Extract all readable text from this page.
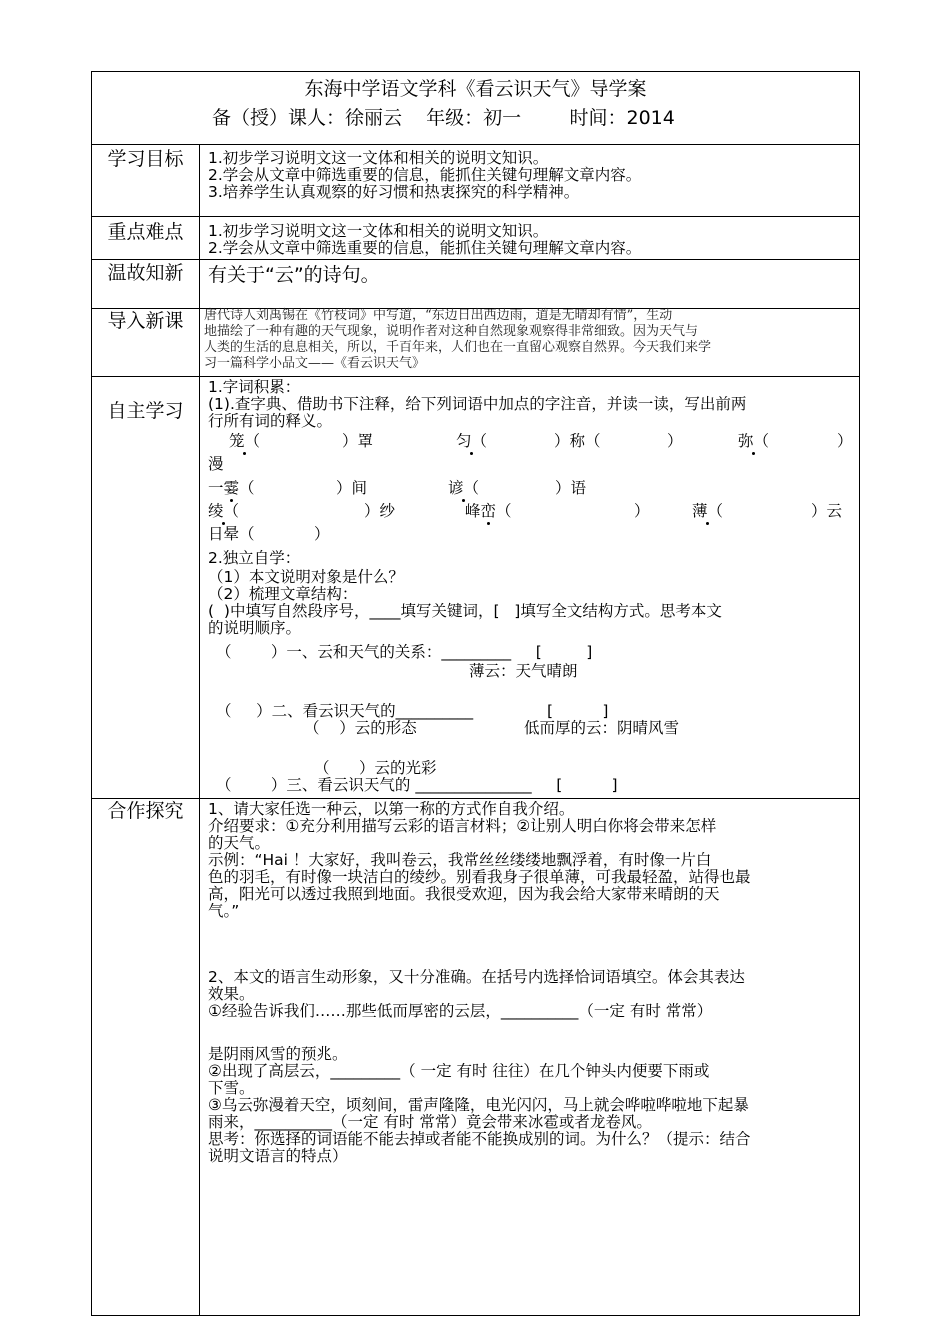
东海中学语文学科《看云识天气》导学案
备（授）课人：徐丽云    年级：初一        时间：2014
学习目标	1.初步学习说明文这一文体和相关的说明文知识。

2.学会从文章中筛选重要的信息，能抓住关键句理解文章内容。

3.培养学生认真观察的好习惯和热衷探究的科学精神。

重点难点	1.初步学习说明文这一文体和相关的说明文知识。

2.学会从文章中筛选重要的信息，能抓住关键句理解文章内容。

温故知新	有关于“云”的诗句。
导入新课	唐代诗人刘禹锡在《竹枝词》中写道，“东边日出西边雨，道是无晴却有情”，生动

地描绘了一种有趣的天气现象，说明作者对这种自然现象观察得非常细致。因为天气与

人类的生活的息息相关，所以，千百年来，人们也在一直留心观察自然界。今天我们来学

习一篇科学小品文——《看云识天气》

自主学习
1.字词积累：
(1).查字典、借助书下注释，给下列词语中加点的字注音，并读一读，写出前两
行所有词的释义。
笼（	）罩	匀（	）称（	）	弥（	）
漫
一霎（	）间	谚（	）语
绫（	）纱	峰峦（	）	薄（	）云
日晕（	）
2.独立自学：
（1）本文说明对象是什么？
（2）梳理文章结构：
(  )中填写自然段序号，____填写关键词，[   ]填写全文结构方式。思考本文
的说明顺序。
（        ）一、云和天气的关系：_________     [         ]
薄云：天气晴朗
（     ）二、看云识天气的__________               [          ]
（    ）云的形态	低而厚的云：阴晴风雪
（      ）云的光彩
（        ）三、看云识天气的 _______________     [          ]
合作探究	1、请大家任选一种云，以第一称的方式作自我介绍。

介绍要求：①充分利用描写云彩的语言材料；②让别人明白你将会带来怎样

的天气。

示例：“Hai ！大家好，我叫卷云，我常丝丝缕缕地飘浮着，有时像一片白

色的羽毛，有时像一块洁白的绫纱。别看我身子很单薄，可我最轻盈，站得也最

高，阳光可以透过我照到地面。我很受欢迎，因为我会给大家带来晴朗的天

气。”

2、本文的语言生动形象，又十分准确。在括号内选择恰词语填空。体会其表达

效果。

①经验告诉我们……那些低而厚密的云层，__________（一定 有时 常常）

是阴雨风雪的预兆。

②出现了高层云，_________（ 一定 有时 往往）在几个钟头内便要下雨或

下雪。

③乌云弥漫着天空，顷刻间，雷声隆隆，电光闪闪，马上就会哗啦哗啦地下起暴

雨来，__________（一定 有时 常常）竟会带来冰雹或者龙卷风。

思考：你选择的词语能不能去掉或者能不能换成别的词。为什么？（提示：结合

说明文语言的特点）
